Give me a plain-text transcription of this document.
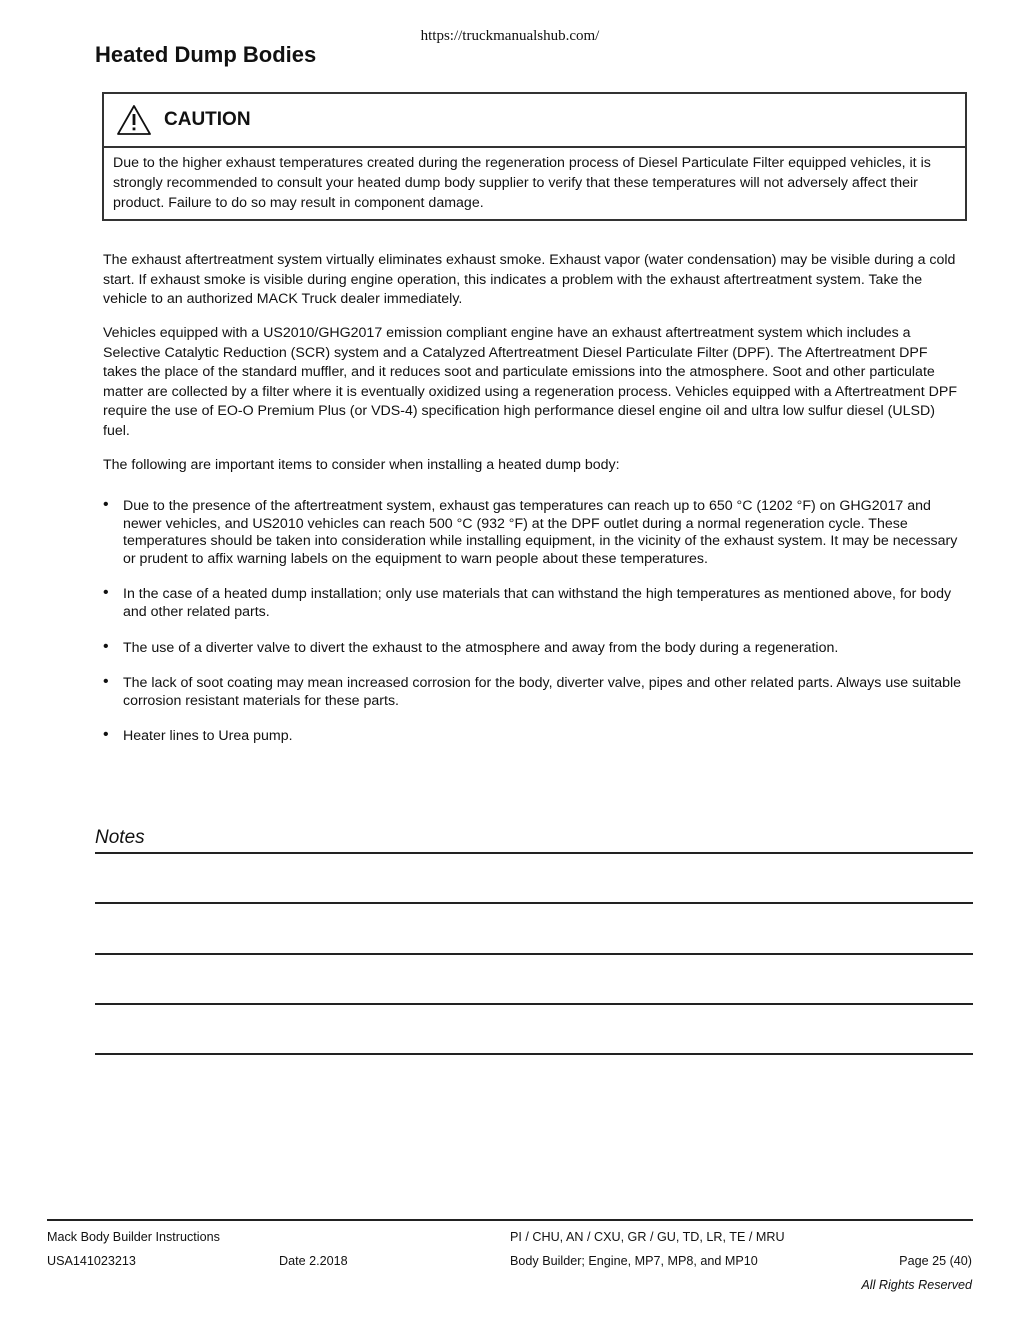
https://truckmanualshub.com/
Heated Dump Bodies
CAUTION
Due to the higher exhaust temperatures created during the regeneration process of Diesel Particulate Filter equipped vehicles, it is strongly recommended to consult your heated dump body supplier to verify that these temperatures will not adversely affect their product. Failure to do so may result in component damage.

The exhaust aftertreatment system virtually eliminates exhaust smoke. Exhaust vapor (water condensation) may be visible during a cold start. If exhaust smoke is visible during engine operation, this indicates a problem with the exhaust aftertreatment system. Take the vehicle to an authorized MACK Truck dealer immediately.

Vehicles equipped with a US2010/GHG2017 emission compliant engine have an exhaust aftertreatment system which includes a Selective Catalytic Reduction (SCR) system and a Catalyzed Aftertreatment Diesel Particulate Filter (DPF). The Aftertreatment DPF takes the place of the standard muffler, and it reduces soot and particulate emissions into the atmosphere. Soot and other particulate matter are collected by a filter where it is eventually oxidized using a regeneration process. Vehicles equipped with a Aftertreatment DPF require the use of EO-O Premium Plus (or VDS-4) specification high performance diesel engine oil and ultra low sulfur diesel (ULSD) fuel.

The following are important items to consider when installing a heated dump body:

• Due to the presence of the aftertreatment system, exhaust gas temperatures can reach up to 650 °C (1202 °F) on GHG2017 and newer vehicles, and US2010 vehicles can reach 500 °C (932 °F) at the DPF outlet during a normal regeneration cycle. These temperatures should be taken into consideration while installing equipment, in the vicinity of the exhaust system. It may be necessary or prudent to affix warning labels on the equipment to warn people about these temperatures.
• In the case of a heated dump installation; only use materials that can withstand the high temperatures as mentioned above, for body and other related parts.
• The use of a diverter valve to divert the exhaust to the atmosphere and away from the body during a regeneration.
• The lack of soot coating may mean increased corrosion for the body, diverter valve, pipes and other related parts. Always use suitable corrosion resistant materials for these parts.
• Heater lines to Urea pump.
Notes
Mack Body Builder Instructions	PI / CHU, AN / CXU, GR / GU, TD, LR, TE / MRU
USA141023213	Date 2.2018	Body Builder; Engine, MP7, MP8, and MP10	Page 25 (40)
All Rights Reserved
